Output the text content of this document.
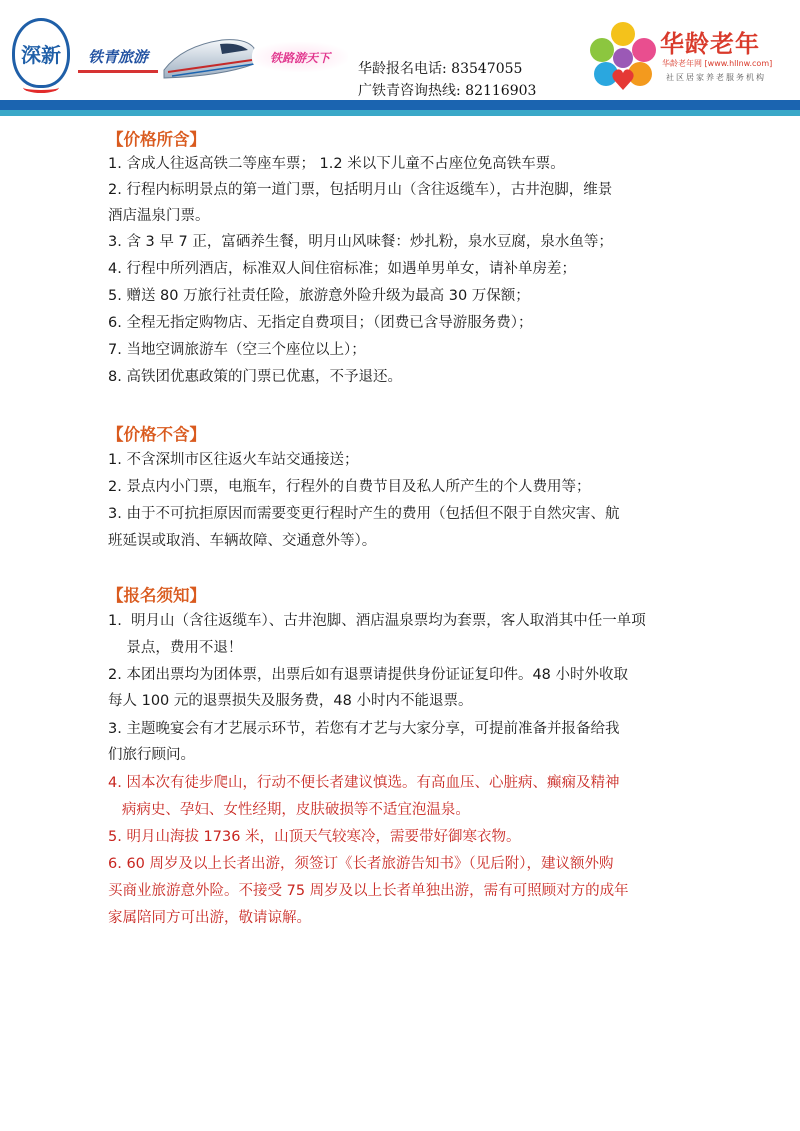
深新	铁青旅游	铁路游天下
华龄报名电话: 83547055
广铁青咨询热线: 82116903
华龄老年
华龄老年网 [www.hllnw.com]
社区居家养老服务机构
【价格所含】
1. 含成人往返高铁二等座车票； 1.2 米以下儿童不占座位免高铁车票。
2. 行程内标明景点的第一道门票，包括明月山（含往返缆车），古井泡脚，维景
酒店温泉门票。
3. 含 3 早 7 正，富硒养生餐，明月山风味餐：炒扎粉，泉水豆腐，泉水鱼等；
4. 行程中所列酒店，标准双人间住宿标准；如遇单男单女，请补单房差；
5. 赠送 80 万旅行社责任险，旅游意外险升级为最高 30 万保额；
6. 全程无指定购物店、无指定自费项目；（团费已含导游服务费）；
7. 当地空调旅游车（空三个座位以上）；
8. 高铁团优惠政策的门票已优惠，不予退还。
【价格不含】
1. 不含深圳市区往返火车站交通接送；
2. 景点内小门票，电瓶车，行程外的自费节目及私人所产生的个人费用等；
3. 由于不可抗拒原因而需要变更行程时产生的费用（包括但不限于自然灾害、航
班延误或取消、车辆故障、交通意外等）。
【报名须知】
1.  明月山（含往返缆车）、古井泡脚、酒店温泉票均为套票，客人取消其中任一单项
景点，费用不退！
2. 本团出票均为团体票，出票后如有退票请提供身份证证复印件。48 小时外收取
每人 100 元的退票损失及服务费，48 小时内不能退票。
3. 主题晚宴会有才艺展示环节，若您有才艺与大家分享，可提前准备并报备给我
们旅行顾问。
4. 因本次有徒步爬山，行动不便长者建议慎选。有高血压、心脏病、癫痫及精神
病病史、孕妇、女性经期，皮肤破损等不适宜泡温泉。
5. 明月山海拔 1736 米，山顶天气较寒冷，需要带好御寒衣物。
6. 60 周岁及以上长者出游，须签订《长者旅游告知书》（见后附），建议额外购
买商业旅游意外险。不接受 75 周岁及以上长者单独出游，需有可照顾对方的成年
家属陪同方可出游，敬请谅解。
